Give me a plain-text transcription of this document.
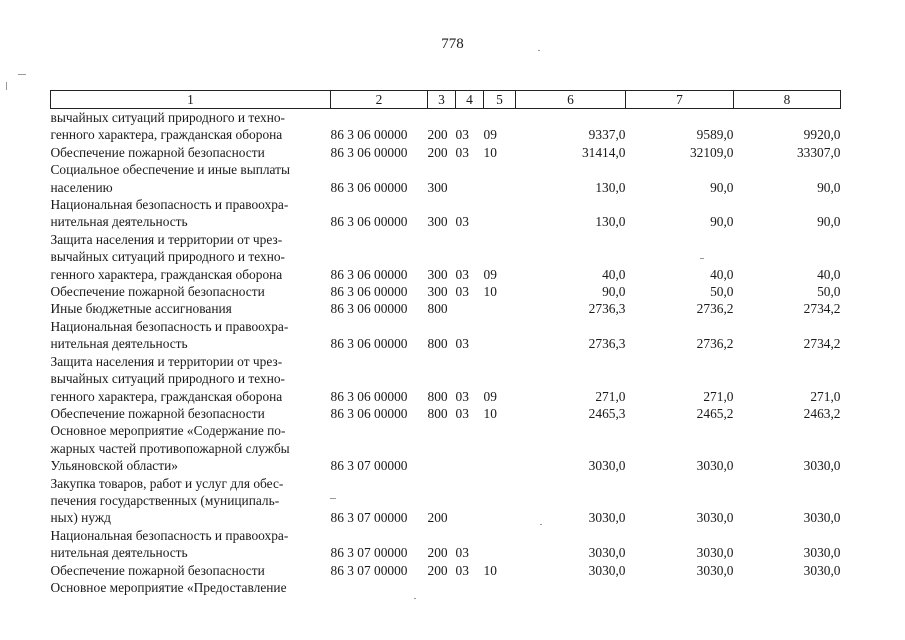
778
1	2	3	4	5	6	7	8
вычайных ситуаций природного и техно-
генного характера, гражданская оборона	86 3 06 00000	200	03	09	9337,0	9589,0	9920,0
Обеспечение пожарной безопасности	86 3 06 00000	200	03	10	31414,0	32109,0	33307,0
Социальное обеспечение и иные выплаты
населению	86 3 06 00000	300			130,0	90,0	90,0
Национальная безопасность и правоохра-
нительная деятельность	86 3 06 00000	300	03		130,0	90,0	90,0
Защита населения и территории от чрез-
вычайных ситуаций природного и техно-
генного характера, гражданская оборона	86 3 06 00000	300	03	09	40,0	40,0	40,0
Обеспечение пожарной безопасности	86 3 06 00000	300	03	10	90,0	50,0	50,0
Иные бюджетные ассигнования	86 3 06 00000	800			2736,3	2736,2	2734,2
Национальная безопасность и правоохра-
нительная деятельность	86 3 06 00000	800	03		2736,3	2736,2	2734,2
Защита населения и территории от чрез-
вычайных ситуаций природного и техно-
генного характера, гражданская оборона	86 3 06 00000	800	03	09	271,0	271,0	271,0
Обеспечение пожарной безопасности	86 3 06 00000	800	03	10	2465,3	2465,2	2463,2
Основное мероприятие «Содержание по-
жарных частей противопожарной службы
Ульяновской области»	86 3 07 00000				3030,0	3030,0	3030,0
Закупка товаров, работ и услуг для обес-
печения государственных (муниципаль-
ных) нужд	86 3 07 00000	200			3030,0	3030,0	3030,0
Национальная безопасность и правоохра-
нительная деятельность	86 3 07 00000	200	03		3030,0	3030,0	3030,0
Обеспечение пожарной безопасности	86 3 07 00000	200	03	10	3030,0	3030,0	3030,0
Основное мероприятие «Предоставление							
